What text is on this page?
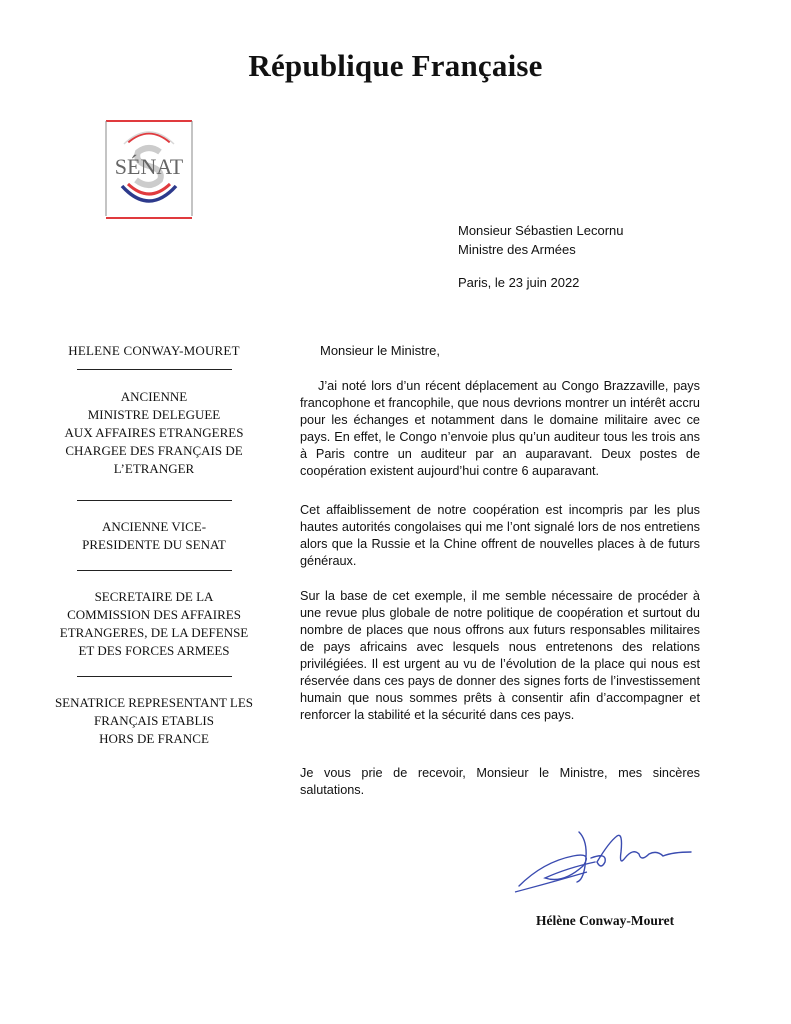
République Française
SÉNAT
Monsieur Sébastien Lecornu
Ministre des Armées
Paris, le 23 juin 2022
HELENE CONWAY-MOURET
ANCIENNE
MINISTRE DELEGUEE
AUX AFFAIRES ETRANGERES
CHARGEE DES FRANÇAIS DE
L’ETRANGER
ANCIENNE VICE-
PRESIDENTE DU SENAT
SECRETAIRE DE LA
COMMISSION DES AFFAIRES
ETRANGERES, DE LA DEFENSE
ET DES FORCES ARMEES
SENATRICE REPRESENTANT LES
FRANÇAIS ETABLIS
HORS DE FRANCE
Monsieur le Ministre,
J’ai noté lors d’un récent déplacement au Congo Brazzaville, pays francophone et francophile, que nous devrions montrer un intérêt accru pour les échanges et notamment dans le domaine militaire avec ce pays. En effet, le Congo n’envoie plus qu’un auditeur tous les trois ans à Paris contre un auditeur par an auparavant. Deux postes de coopération existent aujourd’hui contre 6 auparavant.
Cet affaiblissement de notre coopération est incompris par les plus hautes autorités congolaises qui me l’ont signalé lors de nos entretiens alors que la Russie et la Chine offrent de nouvelles places à de futurs généraux.
Sur la base de cet exemple, il me semble nécessaire de procéder à une revue plus globale de notre politique de coopération et surtout du nombre de places que nous offrons aux futurs responsables militaires de pays africains avec lesquels nous entretenons des relations privilégiées. Il est urgent au vu de l’évolution de la place qui nous est réservée dans ces pays de donner des signes forts de l’investissement humain que nous sommes prêts à consentir afin d’accompagner et renforcer la stabilité et la sécurité dans ces pays.
Je vous prie de recevoir, Monsieur le Ministre, mes sincères salutations.
Hélène Conway-Mouret
